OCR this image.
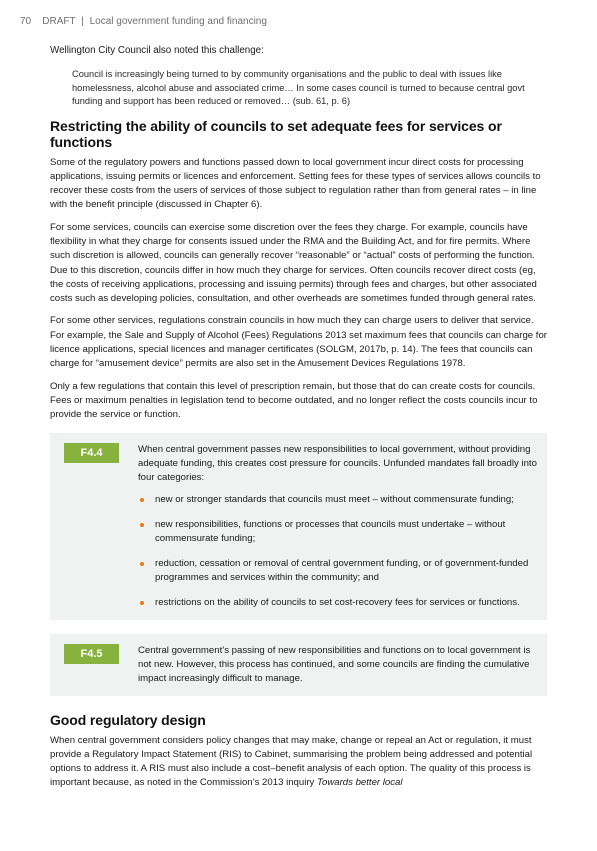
70 DRAFT | Local government funding and financing

Wellington City Council also noted this challenge:

Council is increasingly being turned to by community organisations and the public to deal with issues like homelessness, alcohol abuse and associated crime… In some cases council is turned to because central govt funding and support has been reduced or removed… (sub. 61, p. 6)

Restricting the ability of councils to set adequate fees for services or functions

Some of the regulatory powers and functions passed down to local government incur direct costs for processing applications, issuing permits or licences and enforcement. Setting fees for these types of services allows councils to recover these costs from the users of services of those subject to regulation rather than from general rates – in line with the benefit principle (discussed in Chapter 6).

For some services, councils can exercise some discretion over the fees they charge. For example, councils have flexibility in what they charge for consents issued under the RMA and the Building Act, and for fire permits. Where such discretion is allowed, councils can generally recover “reasonable” or “actual” costs of performing the function. Due to this discretion, councils differ in how much they charge for services. Often councils recover direct costs (eg, the costs of receiving applications, processing and issuing permits) through fees and charges, but other associated costs such as developing policies, consultation, and other overheads are sometimes funded through general rates.

For some other services, regulations constrain councils in how much they can charge users to deliver that service. For example, the Sale and Supply of Alcohol (Fees) Regulations 2013 set maximum fees that councils can charge for licence applications, special licences and manager certificates (SOLGM, 2017b, p. 14). The fees that councils can charge for “amusement device” permits are also set in the Amusement Devices Regulations 1978.

Only a few regulations that contain this level of prescription remain, but those that do can create costs for councils. Fees or maximum penalties in legislation tend to become outdated, and no longer reflect the costs councils incur to provide the service or function.

F4.4	When central government passes new responsibilities to local government, without providing adequate funding, this creates cost pressure for councils. Unfunded mandates fall broadly into four categories:
new or stronger standards that councils must meet – without commensurate funding;
new responsibilities, functions or processes that councils must undertake – without commensurate funding;
reduction, cessation or removal of central government funding, or of government-funded programmes and services within the community; and
restrictions on the ability of councils to set cost-recovery fees for services or functions.
F4.5	Central government’s passing of new responsibilities and functions on to local government is not new. However, this process has continued, and some councils are finding the cumulative impact increasingly difficult to manage.
Good regulatory design

When central government considers policy changes that may make, change or repeal an Act or regulation, it must provide a Regulatory Impact Statement (RIS) to Cabinet, summarising the problem being addressed and potential options to address it. A RIS must also include a cost–benefit analysis of each option. The quality of this process is important because, as noted in the Commission’s 2013 inquiry Towards better local
